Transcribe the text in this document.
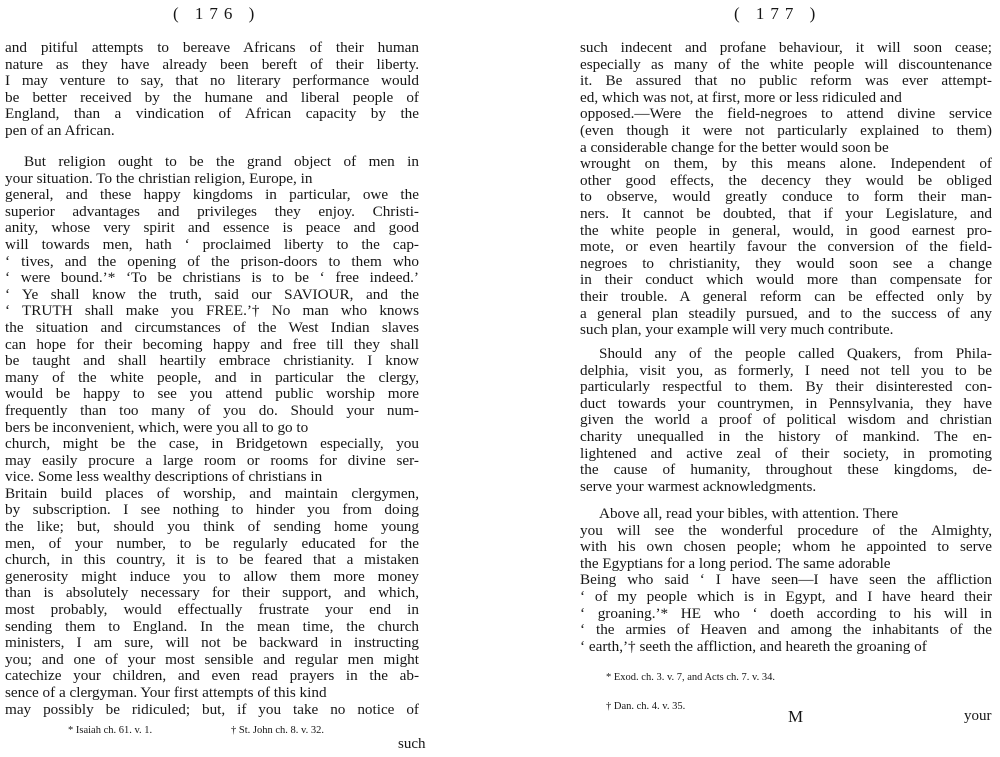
( 176 )
and pitiful attempts to bereave Africans of their human
nature as they have already been bereft of their liberty.
I may venture to say, that no literary performance would
be better received by the humane and liberal people of
England, than a vindication of African capacity by the
pen of an African.
But religion ought to be the grand object of men in
your situation. To the christian religion, Europe, in
general, and these happy kingdoms in particular, owe the
superior advantages and privileges they enjoy. Christi-
anity, whose very spirit and essence is peace and good
will towards men, hath ‘ proclaimed liberty to the cap-
‘ tives, and the opening of the prison-doors to them who
‘ were bound.’* ‘To be christians is to be ‘ free indeed.’
‘ Ye shall know the truth, said our SAVIOUR, and the
‘ TRUTH shall make you FREE.’† No man who knows
the situation and circumstances of the West Indian slaves
can hope for their becoming happy and free till they shall
be taught and shall heartily embrace christianity. I know
many of the white people, and in particular the clergy,
would be happy to see you attend public worship more
frequently than too many of you do. Should your num-
bers be inconvenient, which, were you all to go to
church, might be the case, in Bridgetown especially, you
may easily procure a large room or rooms for divine ser-
vice. Some less wealthy descriptions of christians in
Britain build places of worship, and maintain clergymen,
by subscription. I see nothing to hinder you from doing
the like; but, should you think of sending home young
men, of your number, to be regularly educated for the
church, in this country, it is to be feared that a mistaken
generosity might induce you to allow them more money
than is absolutely necessary for their support, and which,
most probably, would effectually frustrate your end in
sending them to England. In the mean time, the church
ministers, I am sure, will not be backward in instructing
you; and one of your most sensible and regular men might
catechize your children, and even read prayers in the ab-
sence of a clergyman. Your first attempts of this kind
may possibly be ridiculed; but, if you take no notice of
* Isaiah ch. 61. v. 1.	† St. John ch. 8. v. 32.
such
( 177 )
such indecent and profane behaviour, it will soon cease;
especially as many of the white people will discountenance
it. Be assured that no public reform was ever attempt-
ed, which was not, at first, more or less ridiculed and
opposed.—Were the field-negroes to attend divine service
(even though it were not particularly explained to them)
a considerable change for the better would soon be
wrought on them, by this means alone. Independent of
other good effects, the decency they would be obliged
to observe, would greatly conduce to form their man-
ners. It cannot be doubted, that if your Legislature, and
the white people in general, would, in good earnest pro-
mote, or even heartily favour the conversion of the field-
negroes to christianity, they would soon see a change
in their conduct which would more than compensate for
their trouble. A general reform can be effected only by
a general plan steadily pursued, and to the success of any
such plan, your example will very much contribute.
Should any of the people called Quakers, from Phila-
delphia, visit you, as formerly, I need not tell you to be
particularly respectful to them. By their disinterested con-
duct towards your countrymen, in Pennsylvania, they have
given the world a proof of political wisdom and christian
charity unequalled in the history of mankind. The en-
lightened and active zeal of their society, in promoting
the cause of humanity, throughout these kingdoms, de-
serve your warmest acknowledgments.
Above all, read your bibles, with attention. There
you will see the wonderful procedure of the Almighty,
with his own chosen people; whom he appointed to serve
the Egyptians for a long period. The same adorable
Being who said ‘ I have seen—I have seen the affliction
‘ of my people which is in Egypt, and I have heard their
‘ groaning.’* HE who ‘ doeth according to his will in
‘ the armies of Heaven and among the inhabitants of the
‘ earth,’† seeth the affliction, and heareth the groaning of
* Exod. ch. 3. v. 7, and Acts ch. 7. v. 34.
† Dan. ch. 4. v. 35.
M	your
